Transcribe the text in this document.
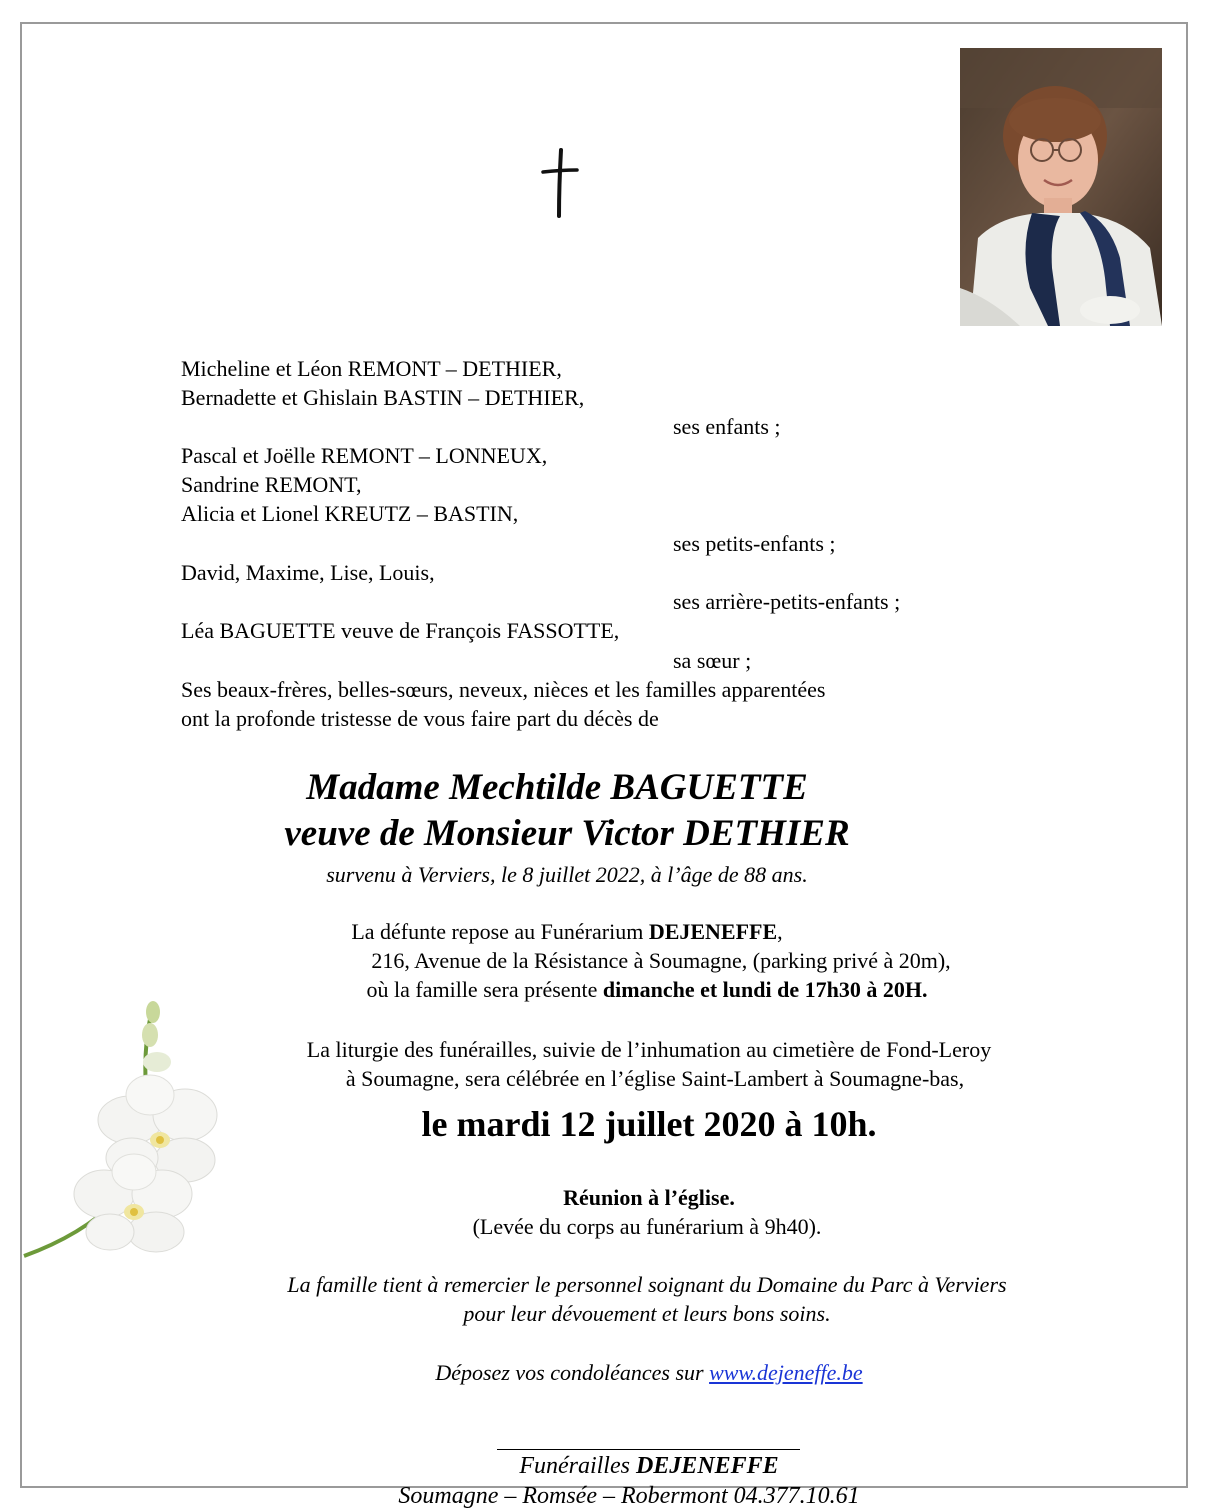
Micheline et Léon REMONT – DETHIER,
Bernadette et Ghislain BASTIN – DETHIER,
ses enfants ;
Pascal et Joëlle REMONT – LONNEUX,
Sandrine REMONT,
Alicia et Lionel KREUTZ – BASTIN,
ses petits-enfants ;
David, Maxime, Lise, Louis,
ses arrière-petits-enfants ;
Léa BAGUETTE veuve de François FASSOTTE,
sa sœur ;
Ses beaux-frères, belles-sœurs, neveux, nièces et les familles apparentées
ont la profonde tristesse de vous faire part du décès de
Madame Mechtilde BAGUETTE
veuve de Monsieur Victor DETHIER
survenu à Verviers, le 8 juillet 2022, à l’âge de 88 ans.
La défunte repose au Funérarium DEJENEFFE,
216, Avenue de la Résistance à Soumagne, (parking privé à 20m),
où la famille sera présente dimanche et lundi de 17h30 à 20H.
La liturgie des funérailles, suivie de l’inhumation au cimetière de Fond-Leroy
à Soumagne, sera célébrée en l’église Saint-Lambert à Soumagne-bas,
le mardi 12 juillet 2020 à 10h.
Réunion à l’église.
(Levée du corps au funérarium à 9h40).
La famille tient à remercier le personnel soignant du Domaine du Parc à Verviers
pour leur dévouement et leurs bons soins.
Déposez vos condoléances sur www.dejeneffe.be
Funérailles DEJENEFFE
Soumagne – Romsée – Robermont 04.377.10.61
